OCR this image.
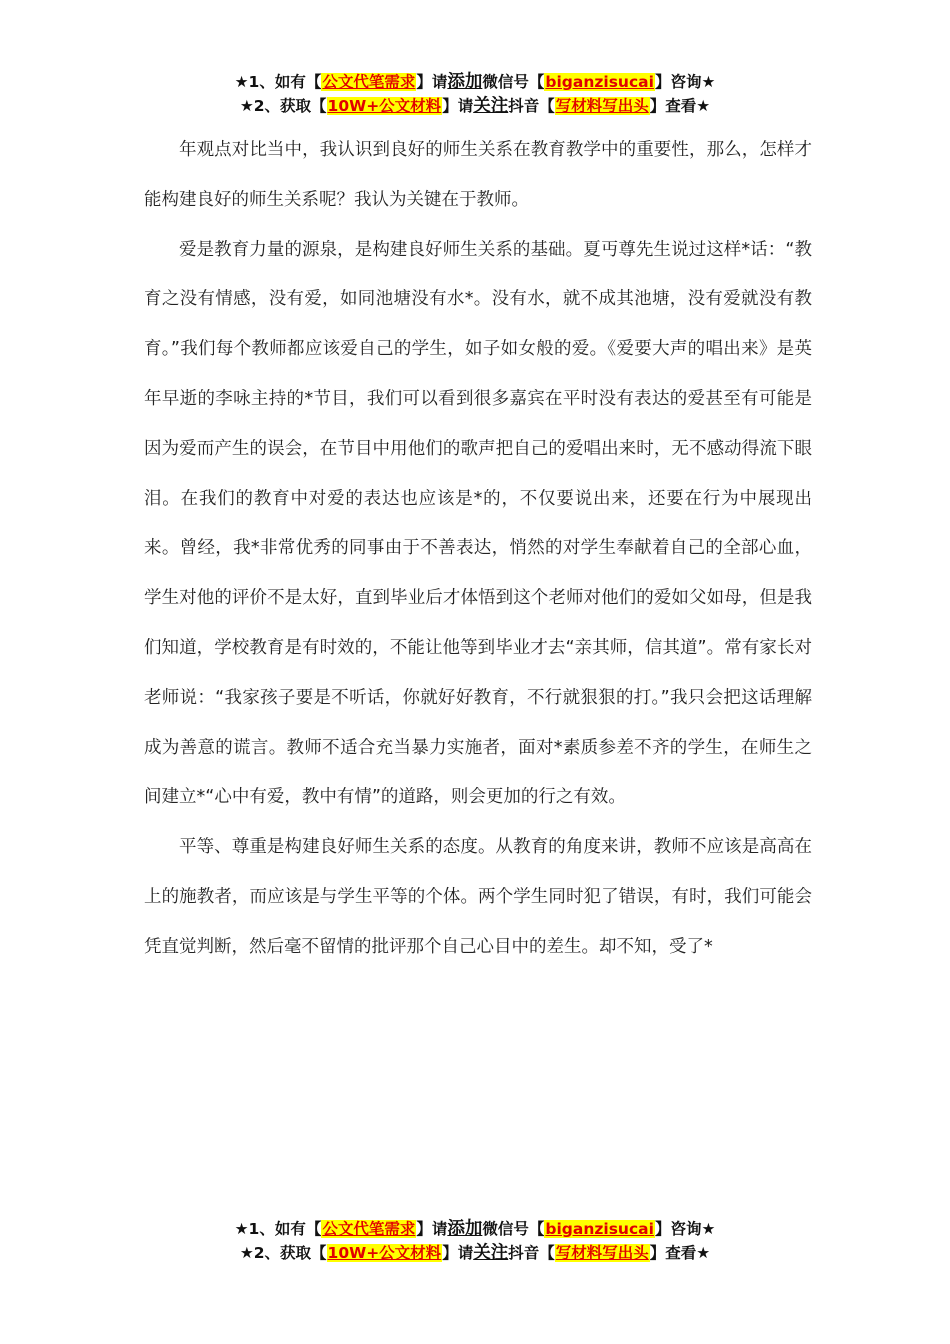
★1、如有【公文代笔需求】请添加微信号【biganzisucai】咨询★
★2、获取【10W+公文材料】请关注抖音【写材料写出头】查看★

年观点对比当中，我认识到良好的师生关系在教育教学中的重要性，那么，怎样才能构建良好的师生关系呢？我认为关键在于教师。

爱是教育力量的源泉，是构建良好师生关系的基础。夏丏尊先生说过这样*话：“教育之没有情感，没有爱，如同池塘没有水*。没有水，就不成其池塘，没有爱就没有教育。”我们每个教师都应该爱自己的学生，如子如女般的爱。《爱要大声的唱出来》是英年早逝的李咏主持的*节目，我们可以看到很多嘉宾在平时没有表达的爱甚至有可能是因为爱而产生的误会，在节目中用他们的歌声把自己的爱唱出来时，无不感动得流下眼泪。在我们的教育中对爱的表达也应该是*的，不仅要说出来，还要在行为中展现出来。曾经，我*非常优秀的同事由于不善表达，悄然的对学生奉献着自己的全部心血，学生对他的评价不是太好，直到毕业后才体悟到这个老师对他们的爱如父如母，但是我们知道，学校教育是有时效的，不能让他等到毕业才去“亲其师，信其道”。常有家长对老师说：“我家孩子要是不听话，你就好好教育，不行就狠狠的打。”我只会把这话理解成为善意的谎言。教师不适合充当暴力实施者，面对*素质参差不齐的学生，在师生之间建立*“心中有爱，教中有情”的道路，则会更加的行之有效。

平等、尊重是构建良好师生关系的态度。从教育的角度来讲，教师不应该是高高在上的施教者，而应该是与学生平等的个体。两个学生同时犯了错误，有时，我们可能会凭直觉判断，然后毫不留情的批评那个自己心目中的差生。却不知，受了*

★1、如有【公文代笔需求】请添加微信号【biganzisucai】咨询★
★2、获取【10W+公文材料】请关注抖音【写材料写出头】查看★
